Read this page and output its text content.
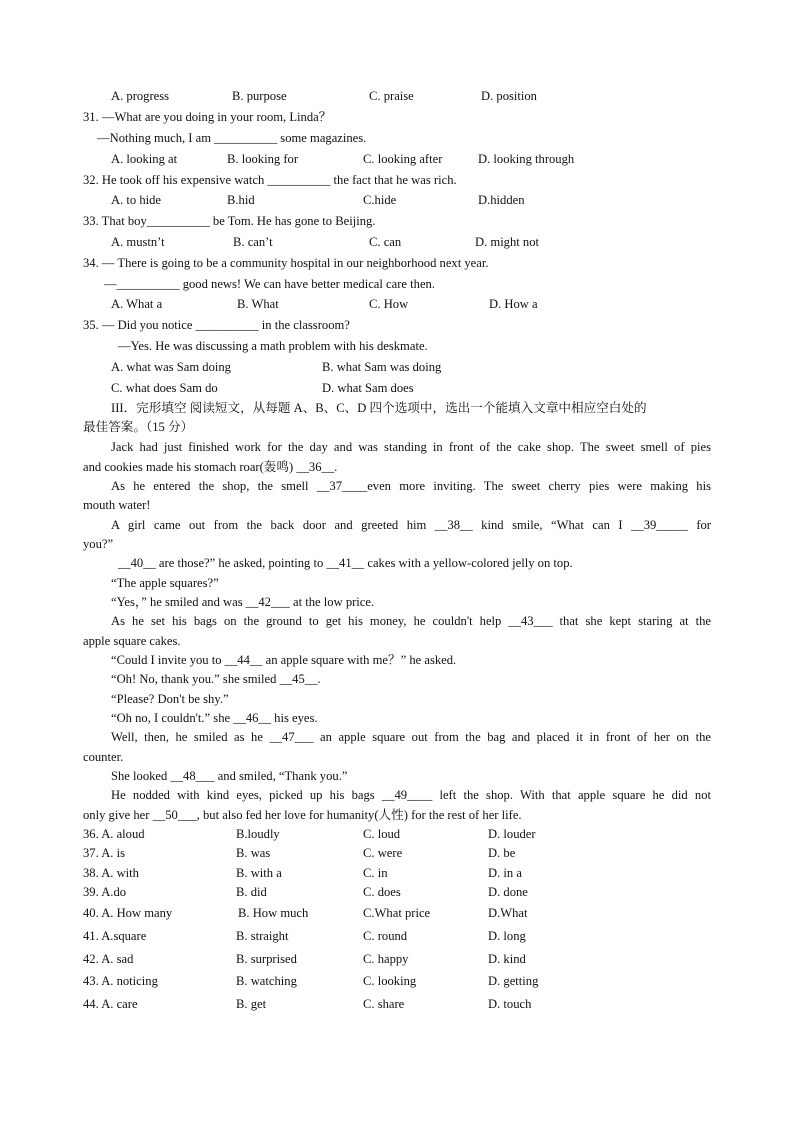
A. progress	B. purpose	C. praise	D. position
31. —What are you doing in your room, Linda？
—Nothing much, I am __________ some magazines.
A. looking at	B. looking for	C. looking after	D. looking through
32. He took off his expensive watch __________ the fact that he was rich.
A. to hide	B.hid	C.hide	D.hidden
33. That boy__________ be Tom. He has gone to Beijing.
A. mustn’t	B. can’t	C. can	D. might not
34. — There is going to be a community hospital in our neighborhood next year.
—__________ good news! We can have better medical care then.
A. What a	B. What	C. How	D. How a
35. — Did you notice __________ in the classroom?
—Yes. He was discussing a math problem with his deskmate.
A. what was Sam doing	B. what Sam was doing
C. what does Sam do	D. what Sam does
III．完形填空 阅读短文，从每题 A、B、C、D 四个选项中，选出一个能填入文章中相应空白处的
最佳答案。（15 分）
Jack had just finished work for the day and was standing in front of the cake shop. The sweet smell of pies
and cookies made his stomach roar(轰鸣) __36__.
As he entered the shop, the smell __37____even more inviting. The sweet cherry pies were making his
mouth water!
A girl came out from the back door and greeted him __38__ kind smile, “What can I __39_____ for
you?”
__40__ are those?” he asked, pointing to __41__ cakes with a yellow-colored jelly on top.
“The apple squares?”
“Yes，” he smiled and was __42___ at the low price.
As he set his bags on the ground to get his money, he couldn't help __43___ that she kept staring at the
apple square cakes.
“Could I invite you to __44__ an apple square with me？” he asked.
“Oh! No, thank you.” she smiled __45__.
“Please? Don't be shy.”
“Oh no, I couldn't.” she __46__ his eyes.
Well, then, he smiled as he __47___ an apple square out from the bag and placed it in front of her on the
counter.
She looked __48___ and smiled, “Thank you.”
He nodded with kind eyes, picked up his bags __49____ left the shop. With that apple square he did not
only give her __50___, but also fed her love for humanity(人性) for the rest of her life.
36. A. aloud	B.loudly	C. loud	D. louder
37. A. is	B. was	C. were	D. be
38. A. with	B. with a	C. in	D. in a
39. A.do	B. did	C. does	D. done
40. A. How many	B. How much	C.What price	D.What
41. A.square	B. straight	C. round	D. long
42. A. sad	B. surprised	C. happy	D. kind
43. A. noticing	B. watching	C. looking	D. getting
44. A. care	B. get	C. share	D. touch
